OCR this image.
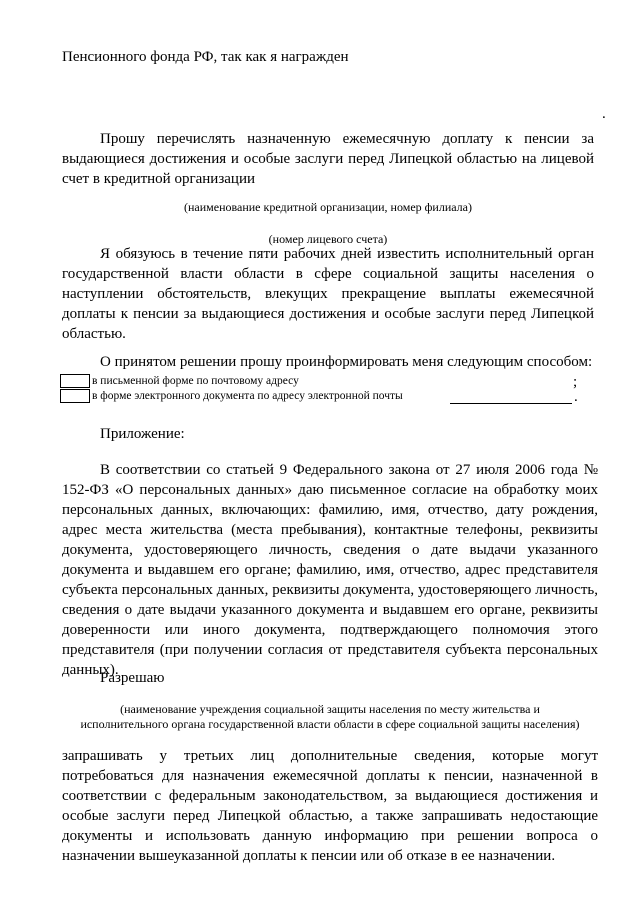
Пенсионного фонда РФ, так как я награжден
.
Прошу перечислять назначенную ежемесячную доплату к пенсии за выдающиеся достижения и особые заслуги перед Липецкой областью на лицевой счет в кредитной организации
(наименование кредитной организации, номер филиала)
(номер лицевого счета)
Я обязуюсь в течение пяти рабочих дней известить исполнительный орган государственной власти области в сфере социальной защиты населения о наступлении обстоятельств, влекущих прекращение выплаты ежемесячной доплаты к пенсии за выдающиеся достижения и особые заслуги перед Липецкой областью.
О принятом решении прошу проинформировать меня следующим способом:
в письменной форме по почтовому адресу	;
в форме электронного документа по адресу электронной почты	.
Приложение:
В соответствии со статьей 9 Федерального закона от 27 июля 2006 года № 152-ФЗ «О персональных данных» даю письменное согласие на обработку моих персональных данных, включающих: фамилию, имя, отчество, дату рождения, адрес места жительства (места пребывания), контактные телефоны, реквизиты документа, удостоверяющего личность, сведения о дате выдачи указанного документа и выдавшем его органе; фамилию, имя, отчество, адрес представителя субъекта персональных данных, реквизиты документа, удостоверяющего личность, сведения о дате выдачи указанного документа и выдавшем его органе, реквизиты доверенности или иного документа, подтверждающего полномочия этого представителя (при получении согласия от представителя субъекта персональных данных).
Разрешаю
(наименование учреждения социальной защиты населения по месту жительства и исполнительного органа государственной власти области в сфере социальной защиты населения)
запрашивать у третьих лиц дополнительные сведения, которые могут потребоваться для назначения ежемесячной доплаты к пенсии, назначенной в соответствии с федеральным законодательством, за выдающиеся достижения и особые заслуги перед Липецкой областью, а также запрашивать недостающие документы и использовать данную информацию при решении вопроса о назначении вышеуказанной доплаты к пенсии или об отказе в ее назначении.
